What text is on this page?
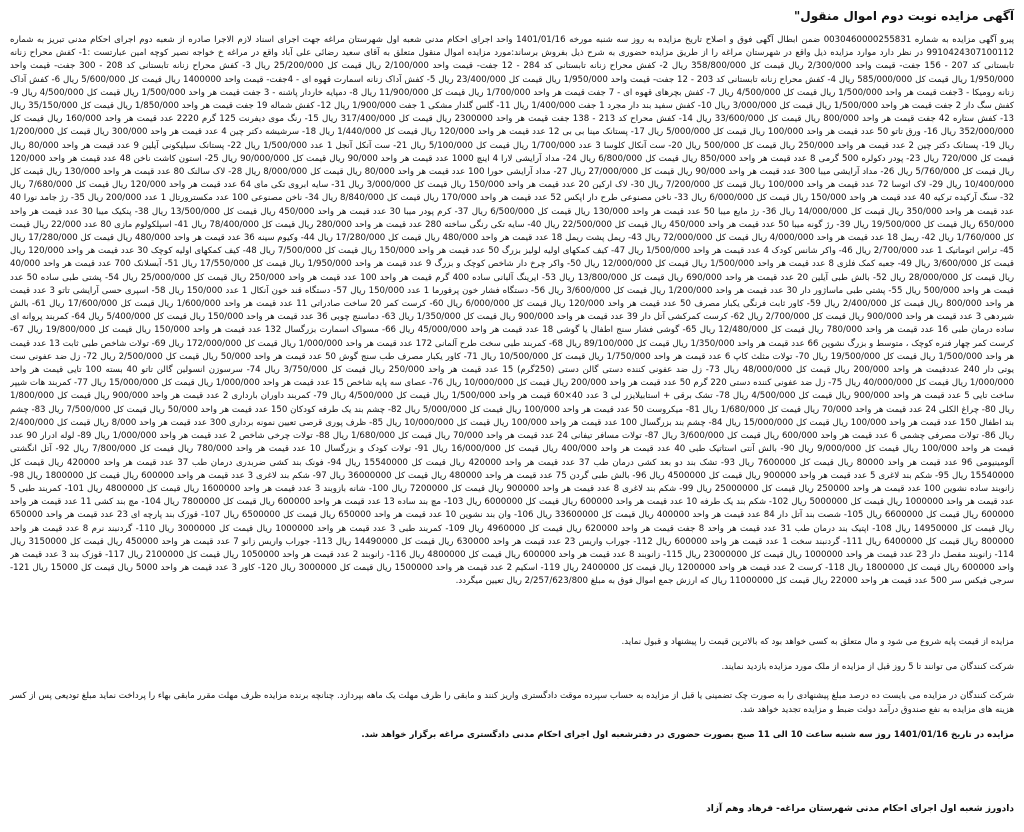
آگهی مزایده نوبت دوم اموال منقول"

پیرو آگهی مزایده به شماره 0030460000255831 ضمن ابطال آگهی فوق و اصلاح تاریخ مزایده به روز سه شنبه مورخه 1401/01/16 واحد اجرای احکام مدنی شعبه اول شهرستان مراغه جهت اجرای اسناد لازم الاجرا صادره از شعبه دوم اجرای احکام مدنی تبریز به شماره 9910424307100112 در نظر دارد موارد مزایده ذیل واقع در شهرستان مراغه را از طریق مزایده حضوری به شرح ذیل بفروش برساند:مورد مزایده اموال منقول متعلق به آقای سعید رضائی علی آباد واقع در مراغه خ خواجه نصیر کوچه امین عبارتست :1- کفش محراح زنانه تابستانی کد 207 - 156 جفت- قیمت واحد 2/300/000 ریال قیمت کل 358/800/000 ریال 2- کفش محراح زنانه تابستانی کد 284 - 12 جفت- قیمت واحد 2/100/000 ریال قیمت کل 25/200/000 ریال 3- کفش محراح زنانه تابستانی کد 208 - 300 جفت- قیمت واحد 1/950/000 ریال قیمت کل 585/000/000 ریال 4- کفش محراح زنانه تابستانی کد 203 - 12 جفت- قیمت واحد 1/950/000 ریال قیمت کل 23/400/000 ریال 5- کفش آداک زنانه اسمارت قهوه ای - 4جفت- قیمت واحد 1400000 ریال قیمت کل 5/600/000 ریال 6- کفش آداک زنانه رومیکا - 3جفت قیمت هر واحد 1/500/000 ریال قیمت کل 4/500/000 ریال 7- کفش بچرهای قهوه ای - 7 جفت قیمت هر واحد 1/700/000 ریال قیمت کل 11/900/000 ریال 8- دمپایه خاردار پاشنه - 3 جفت قیمت هر واحد 1/500/000 ریال قیمت کل 4/500/000 ریال 9- کفش سگ دار 2 جفت قیمت هر واحد 1/500/000 ریال قیمت کل 3/000/000 ریال 10- کفش سفید بند دار مجرد 1 جفت 1/400/000 ریال 11- گلس گلدار مشکی 1 جفت 1/900/000 ریال 12- کفش شماله 19 جفت قیمت هر واحد 1/850/000 ریال قیمت کل 35/150/000 ریال 13- کفش ستاره 42 جفت قیمت هر واحد 800/000 ریال قیمت کل 33/600/000 ریال 14- کفش محراح کد 213 - 138 جفت قیمت هر واحد 2300000 ریال قیمت کل 317/400/000 ریال 15- رنگ موی دیفرنت 125 گرم 2220 عدد قیمت هر واحد 160/000 ریال قیمت کل 352/000/000 ریال 16- ورق تاتو 50 عدد قیمت هر واحد 100/000 ریال قیمت کل 5/000/000 ریال 17- پستانک مینا بی بی 12 عدد قیمت هر واحد 120/000 ریال قیمت کل 1/440/000 ریال 18- سرشیشه دکتر چین 4 عدد قیمت هر واحد 300/000 ریال قیمت کل 1/200/000 ریال 19- پستانک دکتر چین 2 عدد قیمت هر واحد 250/000 ریال قیمت کل 500/000 ریال 20- ست آنکال کلوسا 3 عدد 1/700/000 ریال قیمت کل 5/100/000 ریال 21- ست آنکل آنجل 1 عدد 1/500/000 ریال 22- پستانک سیلیکونی آیلین 9 عدد قیمت هر واحد 80/000 ریال قیمت کل 720/000 ریال 23- پودر دکولره 500 گرمی 8 عدد قیمت هر واحد 850/000 ریال قیمت کل 6/800/000 ریال 24- مداد آرایشی لارا 4 اینچ 1000 عدد قیمت هر واحد 90/000 ریال قیمت کل 90/000/000 ریال 25- استون کاشت ناخن 48 عدد قیمت هر واحد 120/000 ریال قیمت کل 5/760/000 ریال 26- مداد آرایشی میبا 300 عدد قیمت هر واحد 90/000 ریال قیمت کل 27/000/000 ریال 27- مداد آرایشی حورا 100 عدد قیمت هر واحد 80/000 ریال قیمت کل 8/000/000 ریال 28- لاک سالنک 80 عدد قیمت هر واحد 130/000 ریال قیمت کل 10/400/000 ریال 29- لاک اتوسا 72 عدد قیمت هر واحد 100/000 ریال قیمت کل 7/200/000 ریال 30- لاک ارکین 20 عدد قیمت هر واحد 150/000 ریال قیمت کل 3/000/000 ریال 31- سایه ابروی تکی مای 64 عدد قیمت هر واحد 120/000 ریال قیمت کل 7/680/000 ریال 32- سنگ آرکیده ترکیه 40 عدد قیمت هر واحد 150/000 ریال قیمت کل 6/000/000 ریال 33- ناخن مصنوعی طرح دار اپکس 52 عدد قیمت هر واحد 170/000 ریال قیمت کل 8/840/000 ریال 34- ناخن مصنوعی 100 عدد مکسترورتال 1 عدد 200/000 ریال 35- رژ جامد نورا 40 عدد قیمت هر واحد 350/000 ریال قیمت کل 14/000/000 ریال 36- رژ مایع میبا 50 عدد قیمت هر واحد 130/000 ریال قیمت کل 6/500/000 ریال 37- کرم پودر میبا 30 عدد قیمت هر واحد 450/000 ریال قیمت کل 13/500/000 ریال 38- پنکیک میبا 30 عدد قیمت هر واحد 650/000 ریال قیمت کل 19/500/000 ریال 39- رژ گونه میبا 50 عدد قیمت هر واحد 450/000 ریال قیمت کل 22/500/000 ریال 40- سایه تکی رنگی ساخته 280 عدد قیمت هر واحد 280/000 ریال قیمت کل 78/400/000 ریال 41- اسپلکولوم مازی 80 عدد 22/000 ریال قیمت کل 1/760/000 ریال 42- ریمل 18 عدد قیمت هر واحد 4/000/000 ریال قیمت کل 72/000/000 ریال 43- ریمل پشت ریمل 18 عدد قیمت هر واحد 480/000 ریال قیمت کل 17/280/000 ریال 44- وکیوم سینه 36 عدد قیمت هر واحد 480/000 ریال قیمت کل 17/280/000 ریال 45- تراس اتوماتیک 1 عدد 2/700/000 ریال 46- واکر شانس کودک 4 عدد قیمت هر واحد 1/500/000 ریال 47- کیف کمکهای اولیه لولیز بزرگ 50 عدد قیمت هر واحد 150/000 ریال قیمت کل 7/500/000 ریال 48- کیف کمکهای اولیه کوچک 30 عدد قیمت هر واحد 120/000 ریال قیمت کل 3/600/000 ریال 49- جعبه کمک فلزی 8 عدد قیمت هر واحد 1/500/000 ریال قیمت کل 12/000/000 ریال 50- واکر چرخ دار شاخص کوچک و بزرگ 9 عدد قیمت هر واحد 1/950/000 ریال قیمت کل 17/550/000 ریال 51- آبسلانک 700 عدد قیمت هر واحد 40/000 ریال قیمت کل 28/000/000 ریال 52- بالش طبی آیلین 20 عدد قیمت هر واحد 690/000 ریال قیمت کل 13/800/000 ریال 53- ایرینگ آلبانی ساده 400 گرم قیمت هر واحد 100 عدد قیمت هر واحد 250/000 ریال قیمت کل 25/000/000 ریال 54- پشتی طبی ساده 50 عدد قیمت هر واحد 500/000 ریال 55- پشتی طبی ماساژور دار 30 عدد قیمت هر واحد 1/200/000 ریال قیمت کل 3/600/000 ریال 56- دستگاه فشار خون پرفورما 1 عدد 150/000 ریال 57- دستگاه قند خون آنکال 1 عدد 150/000 ریال 58- اسپری حسی آرایشی تاتو 3 عدد قیمت هر واحد 800/000 ریال قیمت کل 2/400/000 ریال 59- کاور ثابت فرنگی یکبار مصرف 50 عدد قیمت هر واحد 120/000 ریال قیمت کل 6/000/000 ریال 60- کرست کمر 20 ساخت صادراتی 11 عدد قیمت هر واحد 1/600/000 ریال قیمت کل 17/600/000 ریال 61- بالش شیردهی 3 عدد قیمت هر واحد 900/000 ریال قیمت کل 2/700/000 ریال 62- کرست کمرکشی آتل دار 39 عدد قیمت هر واحد 900/000 ریال قیمت کل 1/350/000 ریال 63- دماسنج چوبی 36 عدد قیمت هر واحد 150/000 ریال قیمت کل 5/400/000 ریال 64- کمربند پروانه ای ساده درمان طبی 16 عدد قیمت هر واحد 780/000 ریال قیمت کل 12/480/000 ریال 65- گوشی فشار سنج اطفال یا گوشی 18 عدد قیمت هر واحد 45/000/000 ریال 66- مسواک اسمارت بزرگسال 132 عدد قیمت هر واحد 150/000 ریال قیمت کل 19/800/000 ریال 67- کرست کمر چهار فنره کوچک ، متوسط و بزرگ نشوین 66 عدد قیمت هر واحد 1/350/000 ریال قیمت کل 89/100/000 ریال 68- کمربند طبی سخت طرح آلمانی 172 عدد قیمت هر واحد 1/000/000 ریال قیمت کل 172/000/000 ریال 69- تولات شاخص طبی ثابت 13 عدد قیمت هر واحد 1/500/000 ریال قیمت کل 19/500/000 ریال 70- تولات مثلث کاپ 6 عدد قیمت هر واحد 1/750/000 ریال قیمت کل 10/500/000 ریال 71- کاور یکبار مصرف طب سنج گوش 50 عدد قیمت هر واحد 50/000 ریال قیمت کل 2/500/000 ریال 72- زل ضد عفونی ست یوتی دار 240 عددقیمت هر واحد 200/000 ریال قیمت کل 48/000/000 ریال 73- زل ضد عفونی کننده دستی گالن دستی (250گرم) 15 عدد قیمت هر واحد 250/000 ریال قیمت کل 3/750/000 ریال 74- سرسوزن انسولین گالن تاتو 40 بسته 100 تایی قیمت هر واحد 1/000/000 ریال قیمت کل 40/000/000 ریال 75- زل ضد عفونی کننده دستی 220 گرم 50 عدد قیمت هر واحد 200/000 ریال قیمت کل 10/000/000 ریال 76- عصای سه پایه شاخص 15 عدد قیمت هر واحد 1/000/000 ریال قیمت کل 15/000/000 ریال 77- کمربند هات شیپر ساخت تایی 5 عدد قیمت هر واحد 900/000 ریال قیمت کل 4/500/000 ریال 78- تشک برقی + استابیلایزر لی 3 عدد 40×60 قیمت هر واحد 1/500/000 ریال قیمت کل 4/500/000 ریال 79- کمربند داوران بارداری 2 عدد قیمت هر واحد 900/000 ریال قیمت کل 1/800/000 ریال 80- چراغ الکلی 24 عدد قیمت هر واحد 70/000 ریال قیمت کل 1/680/000 ریال 81- میکروست 50 عدد قیمت هر واحد 100/000 ریال قیمت کل 5/000/000 ریال 82- چشم بند یک طرفه کودکان 150 عدد قیمت هر واحد 50/000 ریال قیمت کل 7/500/000 ریال 83- چشم بند اطفال 150 عدد قیمت هر واحد 100/000 ریال قیمت کل 15/000/000 ریال 84- چشم بند بزرگسال 100 عدد قیمت هر واحد 100/000 ریال قیمت کل 10/000/000 ریال 85- ظرف پوری قرصی تعیین نمونه برداری 300 عدد قیمت هر واحد 8/000 ریال قیمت کل 2/400/000 ریال 86- تولات مصرفی چشمی 6 عدد قیمت هر واحد 600/000 ریال قیمت کل 3/600/000 ریال 87- تولات مسافر تیفانی 24 عدد قیمت هر واحد 70/000 ریال قیمت کل 1/680/000 ریال 88- تولات چرخی شاخص 2 عدد قیمت هر واحد 1/000/000 ریال 89- لوله ادرار 90 عدد قیمت هر واحد 100/000 ریال قیمت کل 9/000/000 ریال 90- بالش آنتی استاتیک طبی 40 عدد قیمت هر واحد 400/000 ریال قیمت کل 16/000/000 ریال 91- تولات کودک و بزرگسال 10 عدد قیمت هر واحد 780/000 ریال قیمت کل 7/800/000 ریال 92- آتل انگشتی آلومینیومی 96 عدد قیمت هر واحد 80000 ریال قیمت کل 7600000 ریال 93- تشک بند دو بعد کشی درمان طب 37 عدد قیمت هر واحد 420000 ریال قیمت کل 15540000 ریال 94- فونک بند کشی ضربدری درمان طب 37 عدد قیمت هر واحد 420000 ریال قیمت کل 15540000 ریال 95- شکم بند لاغری 5 عدد قیمت هر واحد 900000 ریال قیمت کل 4500000 ریال 96- بالش طبی گردن 75 عدد قیمت هر واحد 480000 ریال قیمت کل 36000000 ریال 97- شکم بند لاغری 3 عدد قیمت هر واحد 600000 ریال قیمت کل 1800000 ریال 98- زانوبند ساده نشوین 100 عدد قیمت هر واحد 250000 ریال قیمت کل 25000000 ریال 99- شکم بند لاغری 8 عدد قیمت هر واحد 900000 ریال قیمت کل 7200000 ریال 100- شانه بازوبند 3 عدد قیمت هر واحد 1600000 ریال قیمت کل 4800000 ریال 101- کمربند طبی 5 عدد قیمت هر واحد 1000000 ریال قیمت کل 5000000 ریال 102- شکم بند یک طرفه 10 عدد قیمت هر واحد 600000 ریال قیمت کل 6000000 ریال 103- مچ بند ساده 13 عدد قیمت هر واحد 600000 ریال قیمت کل 7800000 ریال 104- مچ بند کشی 11 عدد قیمت هر واحد 600000 ریال قیمت کل 6600000 ریال 105- شصت بند آتل دار 84 عدد قیمت هر واحد 400000 ریال قیمت کل 33600000 ریال 106- وان بند نشوین 10 عدد قیمت هر واحد 650000 ریال قیمت کل 6500000 ریال 107- قوزک بند پارچه ای 23 عدد قیمت هر واحد 650000 ریال قیمت کل 14950000 ریال 108- اپتیک بند درمان طب 31 عدد قیمت هر واحد 8 جفت قیمت هر واحد 620000 ریال قیمت کل 4960000 ریال 109- کمربند طبی 3 عدد قیمت هر واحد 1000000 ریال قیمت کل 3000000 ریال 110- گردنبند نرم 8 عدد قیمت هر واحد 800000 ریال قیمت کل 6400000 ریال 111- گردنبند سخت 1 عدد قیمت هر واحد 600000 ریال 112- جوراب واریس 23 عدد قیمت هر واحد 630000 ریال قیمت کل 14490000 ریال 113- جوراب واریس زانو 7 عدد قیمت هر واحد 450000 ریال قیمت کل 3150000 ریال 114- زانوبند مفصل دار 23 عدد قیمت هر واحد 1000000 ریال قیمت کل 23000000 ریال 115- زانوبند 8 عدد قیمت هر واحد 600000 ریال قیمت کل 4800000 ریال 116- زانوبند 2 عدد قیمت هر واحد 1050000 ریال قیمت کل 2100000 ریال 117- قوزک بند 3 عدد قیمت هر واحد 600000 ریال قیمت کل 1800000 ریال 118- کرست 2 عدد قیمت هر واحد 1200000 ریال قیمت کل 2400000 ریال 119- اسکیم 2 عدد قیمت هر واحد 1500000 ریال قیمت کل 3000000 ریال 120- کاور 3 عدد قیمت هر واحد 5000 ریال قیمت کل 15000 ریال 121- سرجی فیکس سر 500 عدد قیمت هر واحد 22000 ریال قیمت کل 11000000 ریال که ارزش جمع اموال فوق به مبلغ 2/257/623/800 ریال تعیین میگردد.

مزایده از قیمت پایه شروع می شود و مال متعلق به کسی خواهد بود که بالاترین قیمت را پیشنهاد و قبول نماید.

شرکت کنندگان می توانند تا 5 روز قبل از مزایده از ملک مورد مزایده بازدید نمایند.

شرکت کنندگان در مزایده می بایست ده درصد مبلغ پیشنهادی را به صورت چک تضمینی یا قبل از مزایده به حساب سپرده موقت دادگستری واریز کنند و مابقی را ظرف مهلت یک ماهه بپردازد. چنانچه برنده مزایده ظرف مهلت مقرر مابقی بهاء را پرداخت نماید مبلغ تودیعی پس از کسر هزینه های مزایده به نفع صندوق درآمد دولت ضبط و مزایده تجدید خواهد شد.

مزایده در تاریخ 1401/01/16 روز سه شنبه ساعت 10 الی 11 صبح بصورت حضوری در دفترشعبه اول اجرای احکام مدنی دادگستری مراغه برگزار خواهد شد.

دادورز شعبه اول اجرای احکام مدنی شهرستان مراغه- فرهاد وهم آزاد
